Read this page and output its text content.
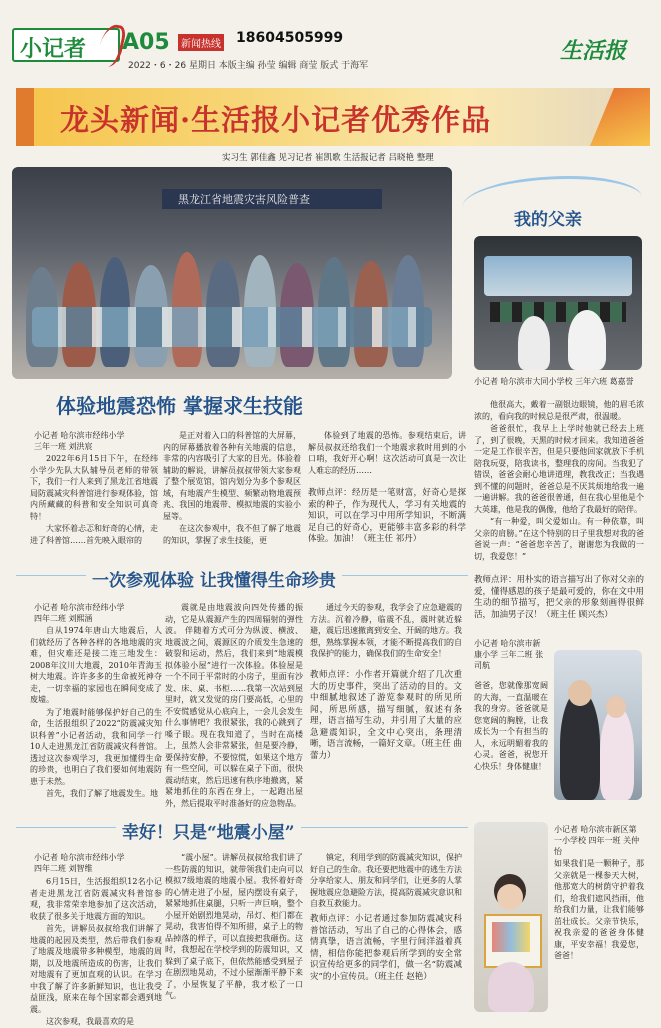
小记者 A05	新闻热线 18604505999
2022・6・26 星期日 本版主编 孙莹 编辑 商莹 版式 于海军
生活报
龙头新闻·生活报小记者优秀作品
实习生 郭佳鑫 见习记者 崔凯歌 生活报记者 吕晓艳 整理
黑龙江省地震灾害风险普查
我的父亲
小记者 哈尔滨市大同小学校 三年六班 葛嘉誉

他很高大，戴着一副银边眼镜，他的眉毛浓浓的，看向我的时候总是很严肃，很温暖。

爸爸很忙，我早上上学时他就已经去上班了，到了很晚，天黑的时候才回来。我知道爸爸一定是工作很辛苦，但是只要他回家就放下手机陪我玩耍，陪我读书，整理我的房间。当我犯了错误，爸爸会耐心地讲道理，教我改正；当我遇到不懂的问题时，爸爸总是不厌其烦地给我一遍一遍讲解。我的爸爸很普通，但在我心里他是个大英雄，他是我的偶像，他给了我最好的陪伴。

“有一种爱，叫父爱如山。有一种依靠，叫父亲的肩膀。”在这个特别的日子里我想对我的爸爸说一声：“爸爸您辛苦了，谢谢您为我做的一切，我爱您！”

教师点评：用朴实的语言描写出了你对父亲的爱，懂得感恩的孩子是最可爱的，你在文中用生动的细节描写，把父亲的形象刻画得很鲜活，加油男子汉！（班主任 顾兴杰）
体验地震恐怖 掌握求生技能
小记者 哈尔滨市经纬小学
三年一班 刘洪宸

2022年6月15日下午，在经纬小学少先队大队辅导员老师的带领下，我们一行人来到了黑龙江省地震局防震减灾科普馆进行参观体验，馆内所藏藏的科普和安全知识可真奇特！

大家怀着忐忑和好奇的心情，走进了科普馆……首先映入眼帘的

是正对着入口的科普馆的大屏幕，内的屏幕播放着各种有关地震的信息，非常的内容吸引了大家的目光。体验着辅助的解说，讲解员叔叔带领大家参观了整个展览馆，馆内划分为多个参观区域，有地震产生模型、频繁动物地震预兆、我国的地震带、模拟地震的实验小屋等。

在这次参观中，我不但了解了地震的知识，掌握了求生技能，更

体验到了地震的恐怖。参观结束后，讲解员叔叔还给我们一个地震求救时用到的小口哨，我好开心啊！这次活动可真是一次让人难忘的经历……

教师点评：经历是一笔财富，好奇心是探索的种子，作为现代人，学习有关地震的知识，可以在学习中用所学知识，不断满足自己的好奇心，更能够丰富多彩的科学体验。加油！（班主任 祁丹）
一次参观体验 让我懂得生命珍贵
小记者 哈尔滨市经纬小学
四年二班 刘熙涵

自从1974年唐山大地震后，人们就经历了各种各样的各地地震的灾难，但灾难还是接二连三地发生：2008年汶川大地震，2010年青海玉树大地震。许许多多的生命被死神夺走，一切幸福的家园也在瞬间变成了废墟。

为了地震时能够保护好自己的生命，生活报组织了2022“防震减灾知识科普”小记者活动，我和同学一行10人走进黑龙江省防震减灾科普馆。透过这次参观学习，我更加懂得生命的珍贵，也明白了我们要如何地震防患于未然。

首先，我们了解了地震发生。地

震就是由地震波向四处传播的振动，它是从震源产生的四周辐射的弹性波。 伴随着方式可分为纵波、横波、地震波之间，震源区的介质发生急速的破裂和运动，然后，我们来到“地震模拟体验小屋”进行一次体验。体验屋是一个不同于平常时的小房子，里面有沙发、床、桌、书柜……我第一次站到屋里时，就又发觉的房门要高低，心里的不安慌感觉从心底向上，一会儿会发生什么事情吧？我很紧张，我的心跳到了嗓子眼。现在我知道了，当时在高楼上，虽然人会非常紧张，但是要冷静，要保持安静，不要惊慌，如果这个地方有一些空间，可以躲在桌子下面，很快震动结束，然后迅速有秩序地撤离，紧紧地抓住的东西在身上，一起跑出屋外，然后提取平时准备好的应急物品。

通过今天的参观，我学会了应急避震的方法。沉着冷静，临震不乱，震时就近躲避，震后迅速撤离到安全、开阔的地方。我想，熟练掌握本领，才能不断提高我们的自我保护的能力，确保我们的生命安全！

教师点评：小作者开篇就介绍了几次重大的历史事件，突出了活动的目的。文中细腻地叙述了游览参观时的所见所闻，所思所感，描写细腻，叙述有条理，语言描写生动，并引用了大量的应急避震知识，全文中心突出，条理清晰，语言流畅，一篇好文章。（班主任 曲蕾力）
小记者 哈尔滨市新康小学 三年二班 张司航
爸爸，您就像那宽阔的大海，一直温暖在我的身旁。爸爸就是您宽阔的胸膛，让我成长为一个有担当的人，永远明媚着我的心灵。爸爸，祝您开心快乐！身体健康！
幸好！只是“地震小屋”
小记者 哈尔滨市经纬小学
四年二班 刘智维

6月15日，生活报组织12名小记者走进黑龙江省防震减灾科普馆参观，我非常荣幸地参加了这次活动，收获了很多关于地震方面的知识。

首先，讲解员叔叔给我们讲解了地震的起因及类型，然后带我们参观了地震及地震带多种模型，地震的周期，以及地震所造成的伤害，让我们对地震有了更加直观的认识。在学习中我了解了许多新鲜知识，也让我受益匪浅，原来在每个国家都会遇到地震。

这次参观，我最喜欢的是

“震小屋”。讲解员叔叔给我们讲了一些防震的知识，就带领我们走向可以模拟7级地震的地震小屋。我怀着好奇的心情走进了小屋，屋内摆设有桌子，紧紧地抓住桌腿，只听一声巨响，整个小屋开始剧烈地晃动，吊灯、柜门都在晃动，我害怕得不知所措，桌子上的物品掉落的样子，可以直接把我砸伤。这时，我想起在学校学到的防震知识，又躲到了桌子底下，但依然能感受到屋子在剧烈地晃动，不过小屋渐渐平静下来了，小屋恢复了平静，我才松了一口气。

镇定，利用学到的防震减灾知识，保护好自己的生命。我还要把地震中的逃生方法分享给家人、朋友和同学们，让更多的人掌握地震应急避险方法，提高防震减灾意识和自救互救能力。

教师点评：小记者通过参加防震减灾科普馆活动，写出了自己的心得体会，感情真挚，语言流畅，字里行间洋溢着真情，相信你能把参观后所学到的安全常识宣传给更多的同学们，做一名“防震减灾”的小宣传员。（班主任 赵艳）
小记者 哈尔滨市新区第一小学校 四年一班 关仲怡
如果我们是一颗种子，那父亲就是一棵参天大树，他那宽大的树荫守护着我们，给我们遮风挡雨，他给我们力量，让我们能够茁壮成长。父亲节快乐，祝我亲爱的爸爸身体健康，平安幸福！我爱您，爸爸！
